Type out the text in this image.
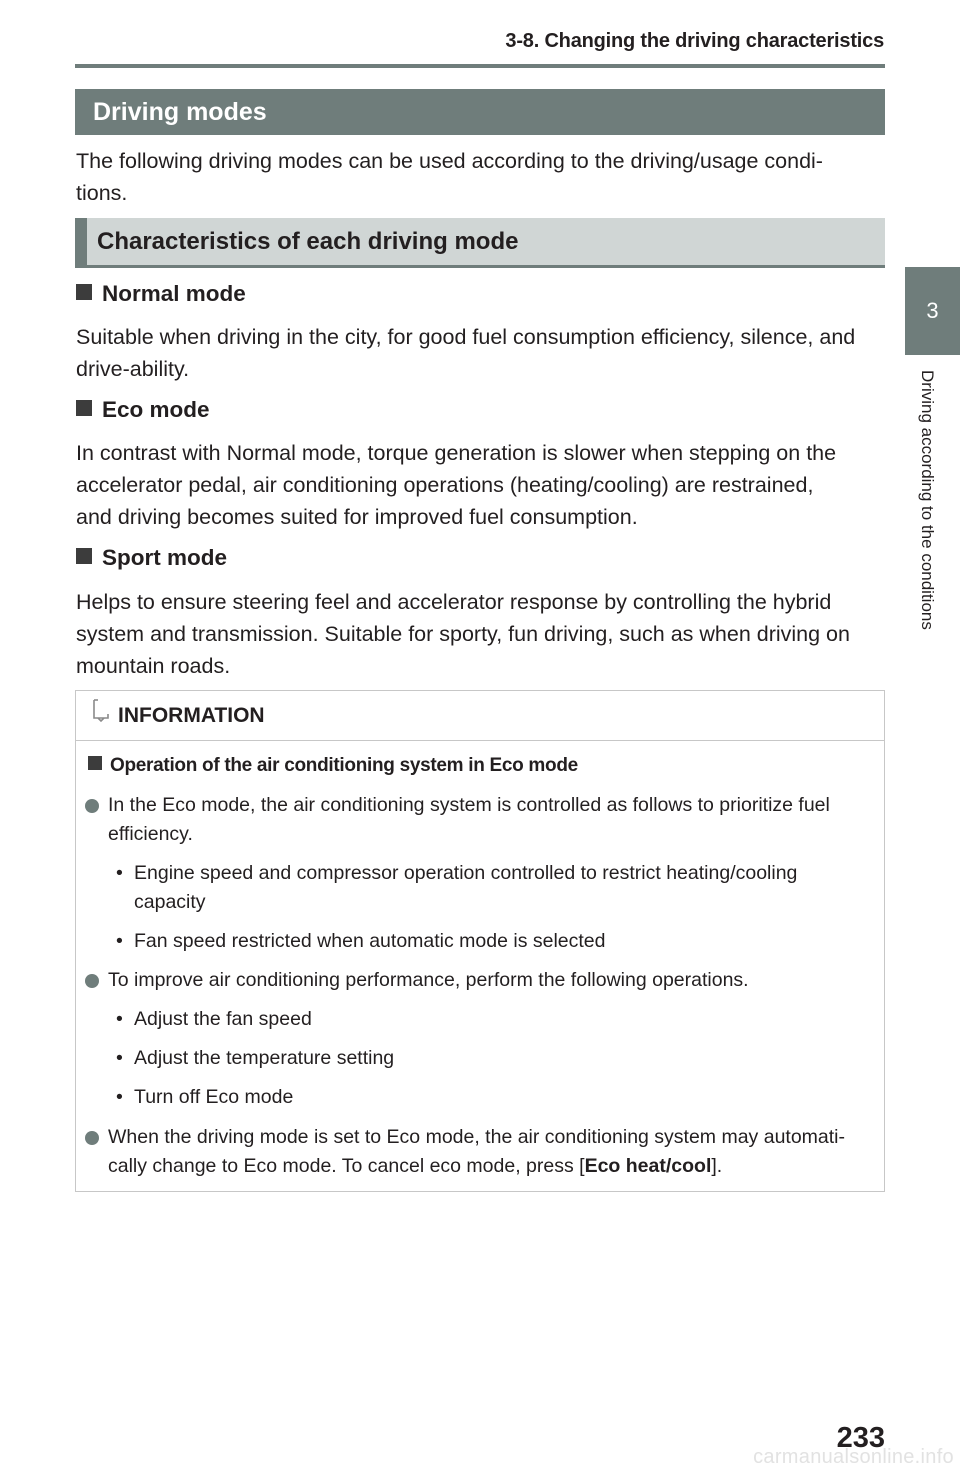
3-8. Changing the driving characteristics
Driving modes

The following driving modes can be used according to the driving/usage condi-

tions.

Characteristics of each driving mode
Normal mode

Suitable when driving in the city, for good fuel consumption efficiency, silence, and

drive-ability.

Eco mode

In contrast with Normal mode, torque generation is slower when stepping on the

accelerator pedal, air conditioning operations (heating/cooling) are restrained,

and driving becomes suited for improved fuel consumption.

Sport mode

Helps to ensure steering feel and accelerator response by controlling the hybrid

system and transmission. Suitable for sporty, fun driving, such as when driving on

mountain roads.

INFORMATION
Operation of the air conditioning system in Eco mode

In the Eco mode, the air conditioning system is controlled as follows to prioritize fuel

efficiency.

• Engine speed and compressor operation controlled to restrict heating/cooling

capacity

• Fan speed restricted when automatic mode is selected

To improve air conditioning performance, perform the following operations.

• Adjust the fan speed

• Adjust the temperature setting

• Turn off Eco mode

When the driving mode is set to Eco mode, the air conditioning system may automati-

cally change to Eco mode. To cancel eco mode, press [Eco heat/cool].

3
Driving according to the conditions
233
carmanualsonline.info
